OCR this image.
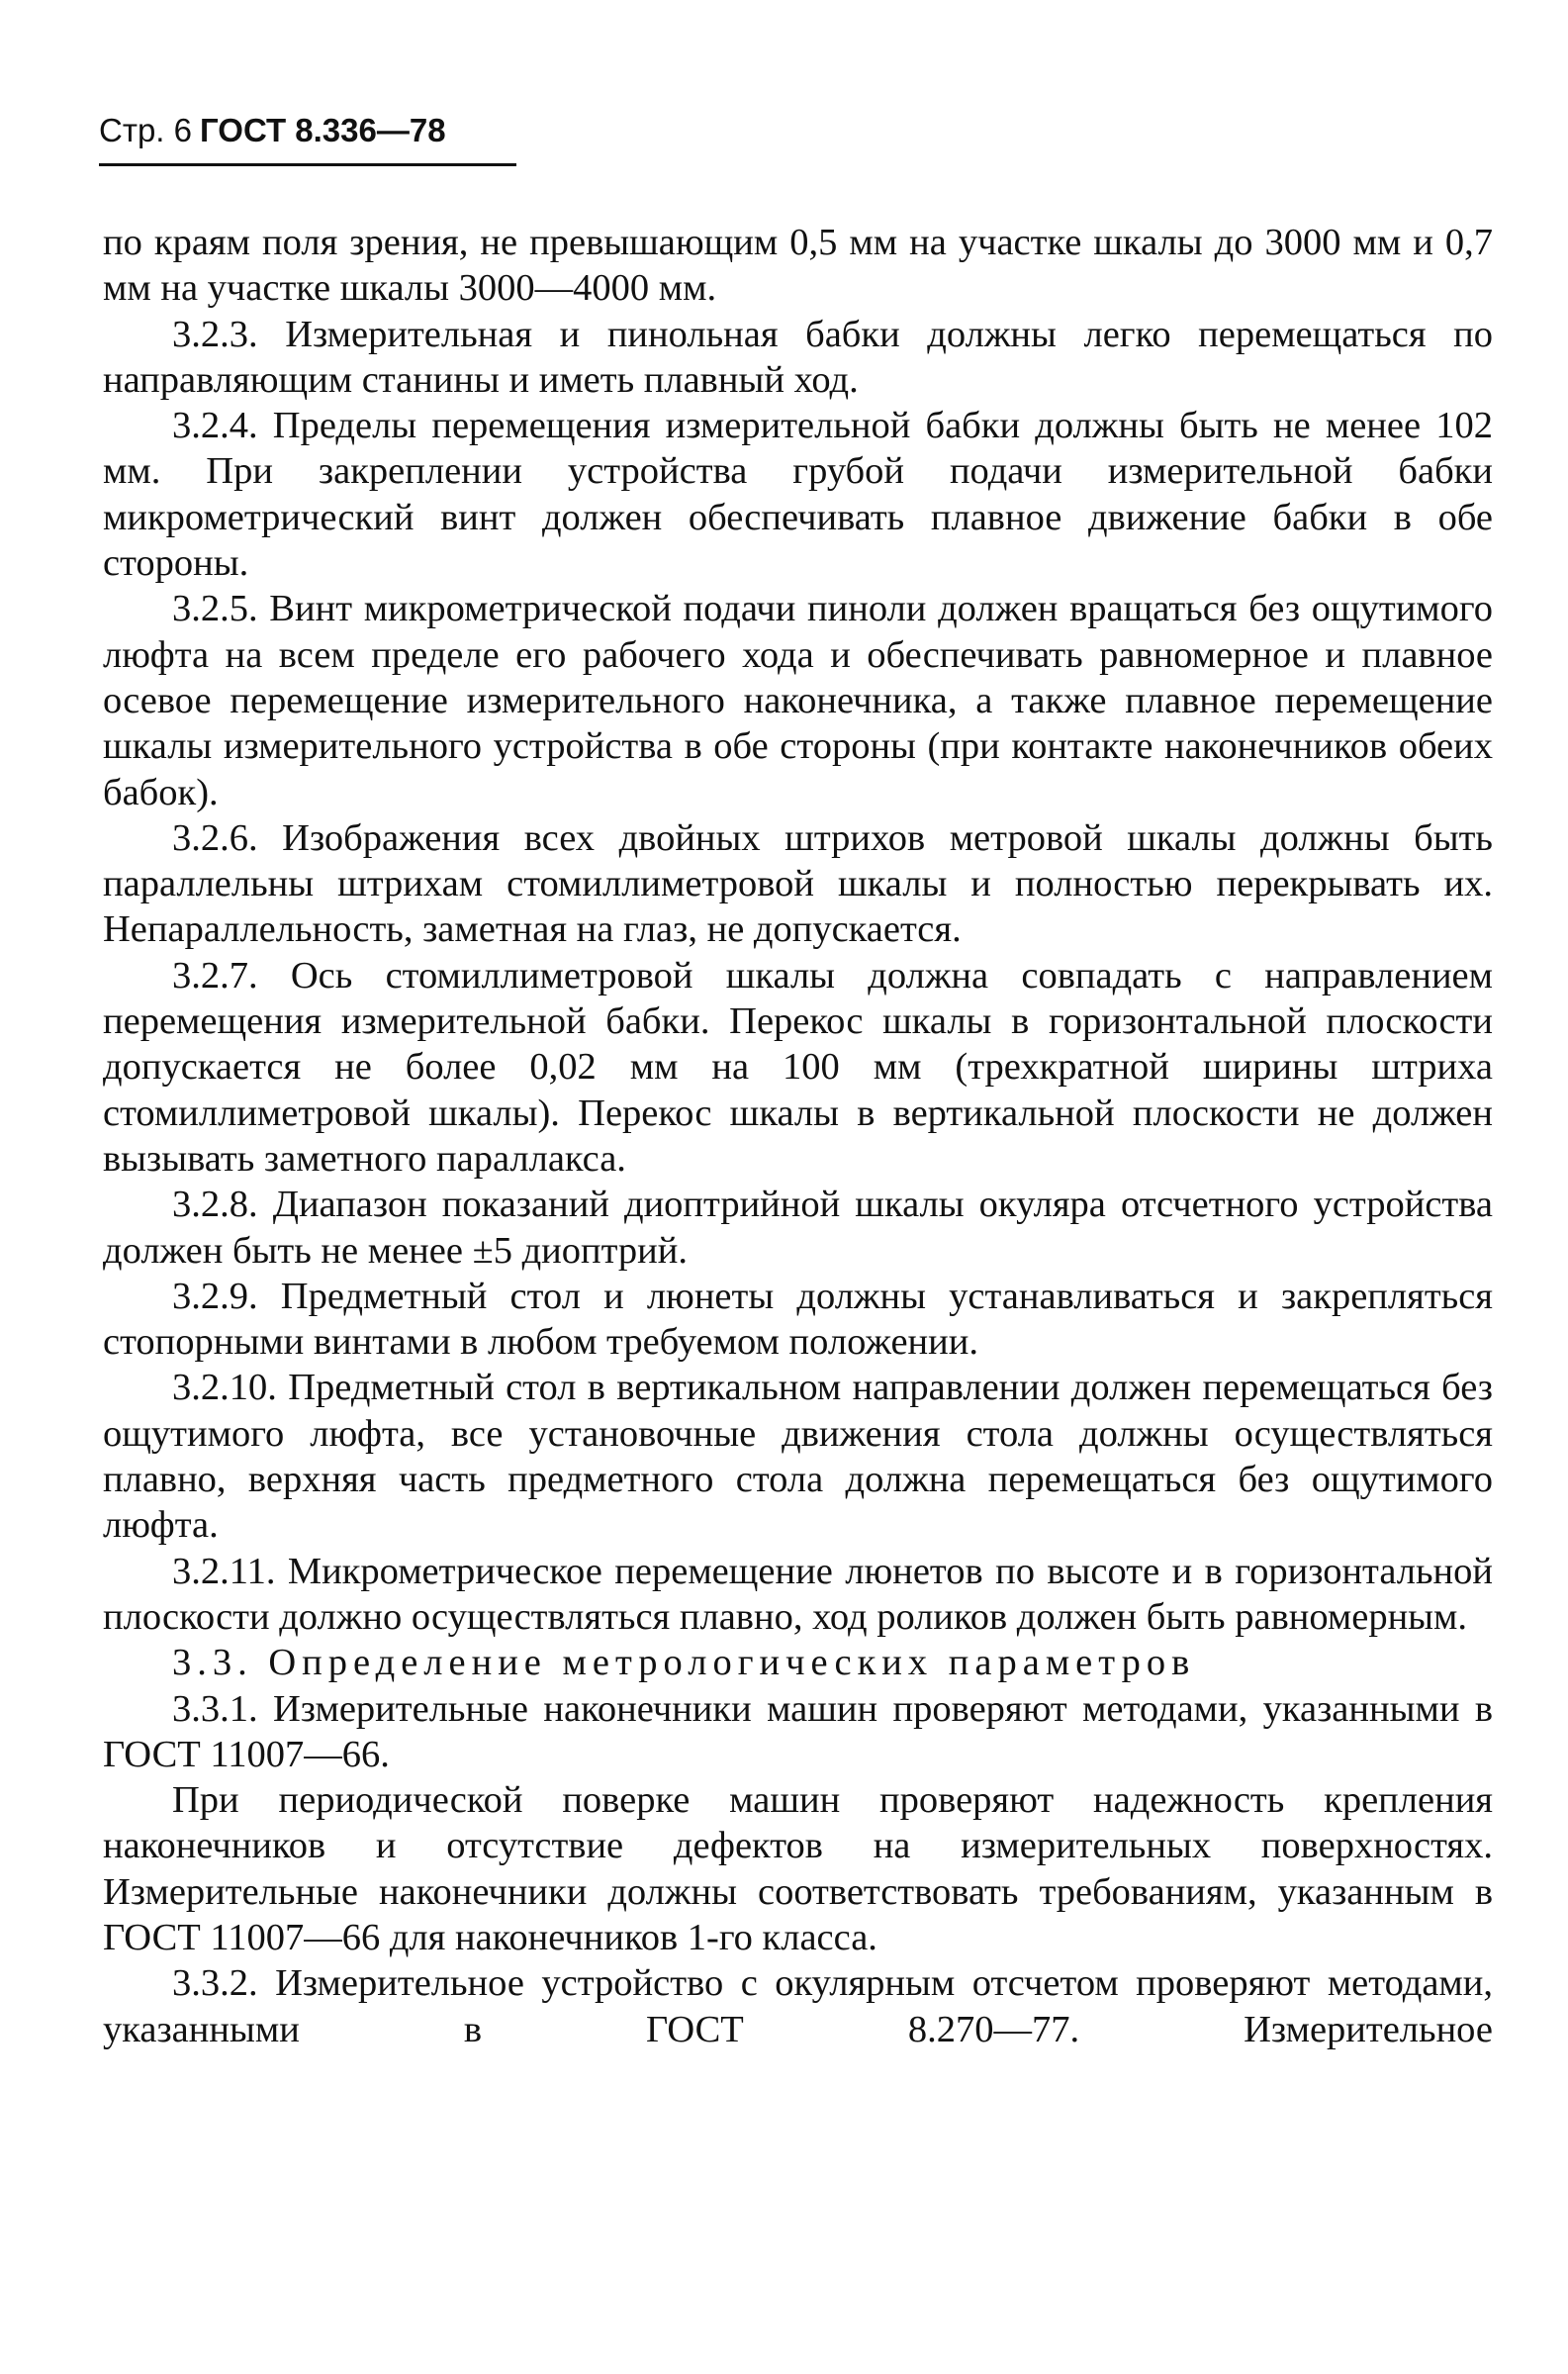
Стр. 6 ГОСТ 8.336—78

по краям поля зрения, не превышающим 0,5 мм на участке шкалы до 3000 мм и 0,7 мм на участке шкалы 3000—4000 мм.

3.2.3. Измерительная и пинольная бабки должны легко перемещаться по направляющим станины и иметь плавный ход.

3.2.4. Пределы перемещения измерительной бабки должны быть не менее 102 мм. При закреплении устройства грубой подачи измерительной бабки микрометрический винт должен обеспечивать плавное движение бабки в обе стороны.

3.2.5. Винт микрометрической подачи пиноли должен вращаться без ощутимого люфта на всем пределе его рабочего хода и обеспечивать равномерное и плавное осевое перемещение измерительного наконечника, а также плавное перемещение шкалы измерительного устройства в обе стороны (при контакте наконечников обеих бабок).

3.2.6. Изображения всех двойных штрихов метровой шкалы должны быть параллельны штрихам стомиллиметровой шкалы и полностью перекрывать их. Непараллельность, заметная на глаз, не допускается.

3.2.7. Ось стомиллиметровой шкалы должна совпадать с направлением перемещения измерительной бабки. Перекос шкалы в горизонтальной плоскости допускается не более 0,02 мм на 100 мм (трехкратной ширины штриха стомиллиметровой шкалы). Перекос шкалы в вертикальной плоскости не должен вызывать заметного параллакса.

3.2.8. Диапазон показаний диоптрийной шкалы окуляра отсчетного устройства должен быть не менее ±5 диоптрий.

3.2.9. Предметный стол и люнеты должны устанавливаться и закрепляться стопорными винтами в любом требуемом положении.

3.2.10. Предметный стол в вертикальном направлении должен перемещаться без ощутимого люфта, все установочные движения стола должны осуществляться плавно, верхняя часть предметного стола должна перемещаться без ощутимого люфта.

3.2.11. Микрометрическое перемещение люнетов по высоте и в горизонтальной плоскости должно осуществляться плавно, ход роликов должен быть равномерным.

3.3. Определение метрологических параметров

3.3.1. Измерительные наконечники машин проверяют методами, указанными в ГОСТ 11007—66.

При периодической поверке машин проверяют надежность крепления наконечников и отсутствие дефектов на измерительных поверхностях. Измерительные наконечники должны соответствовать требованиям, указанным в ГОСТ 11007—66 для наконечников 1-го класса.

3.3.2. Измерительное устройство с окулярным отсчетом проверяют методами, указанными в ГОСТ 8.270—77. Измерительное
